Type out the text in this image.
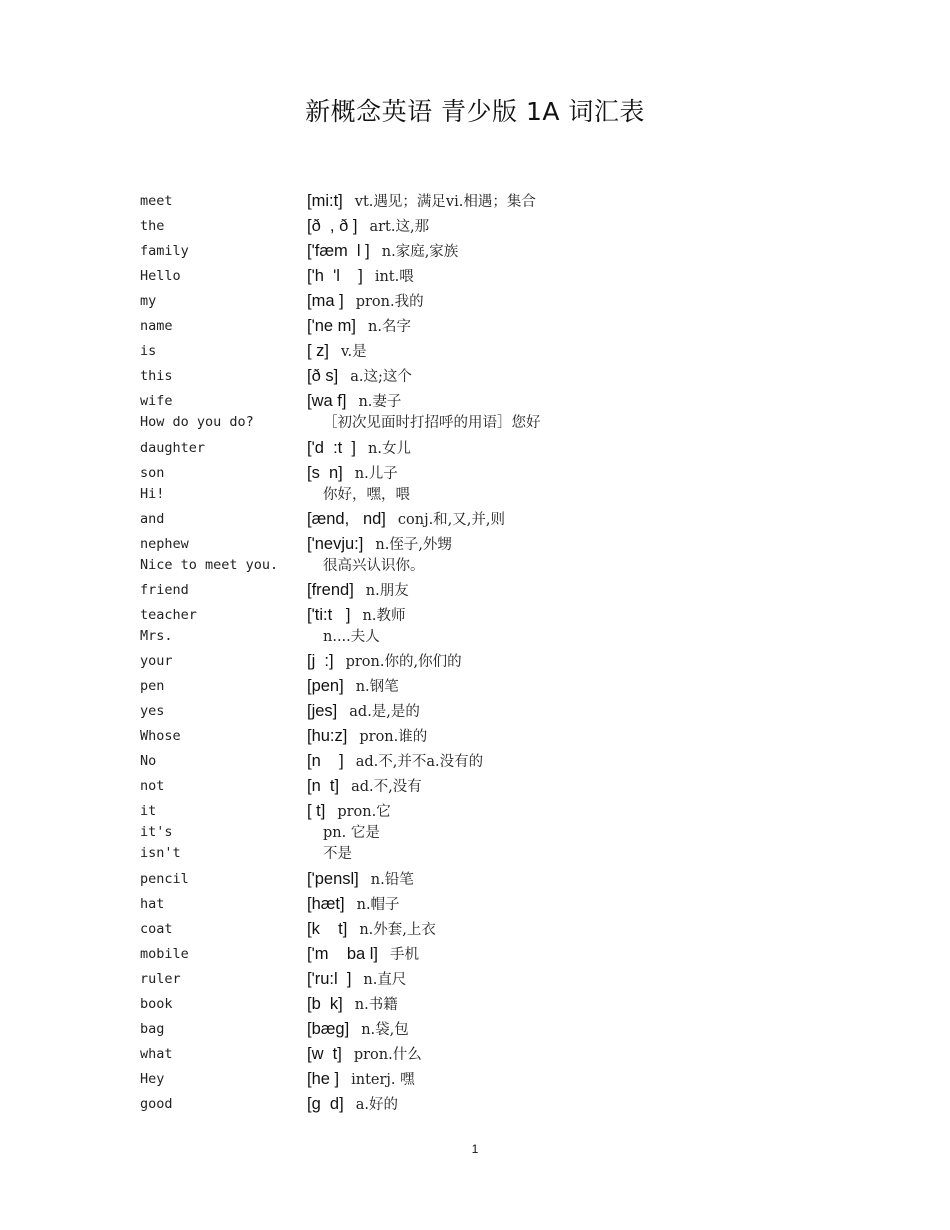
新概念英语 青少版 1A 词汇表
meet	[mi:t] vt.遇见；满足vi.相遇；集合
the	[ð  , ð ] art.这,那
family	['fæm  l ] n.家庭,家族
Hello	['h  'l    ] int.喂
my	[ma ] pron.我的
name	['ne m] n.名字
is	[ z] v.是
this	[ð s] a.这;这个
wife	[wa f] n.妻子
How do you do?	［初次见面时打招呼的用语］您好
daughter	['d  :t  ] n.女儿
son	[s  n] n.儿子
Hi!	你好，嘿，喂
and	[ænd,   nd] conj.和,又,并,则
nephew	['nevju:] n.侄子,外甥
Nice to meet you.	很高兴认识你。
friend	[frend] n.朋友
teacher	['ti:t   ] n.教师
Mrs.	n....夫人
your	[j  :] pron.你的,你们的
pen	[pen] n.钢笔
yes	[jes] ad.是,是的
Whose	[hu:z] pron.谁的
No	[n    ] ad.不,并不a.没有的
not	[n  t] ad.不,没有
it	[ t] pron.它
it's	pn. 它是
isn't	不是
pencil	['pensl] n.铅笔
hat	[hæt] n.帽子
coat	[k    t] n.外套,上衣
mobile	['m    ba l] 手机
ruler	['ru:l  ] n.直尺
book	[b  k] n.书籍
bag	[bæg] n.袋,包
what	[w  t] pron.什么
Hey	[he ] interj. 嘿
good	[g  d] a.好的
1
